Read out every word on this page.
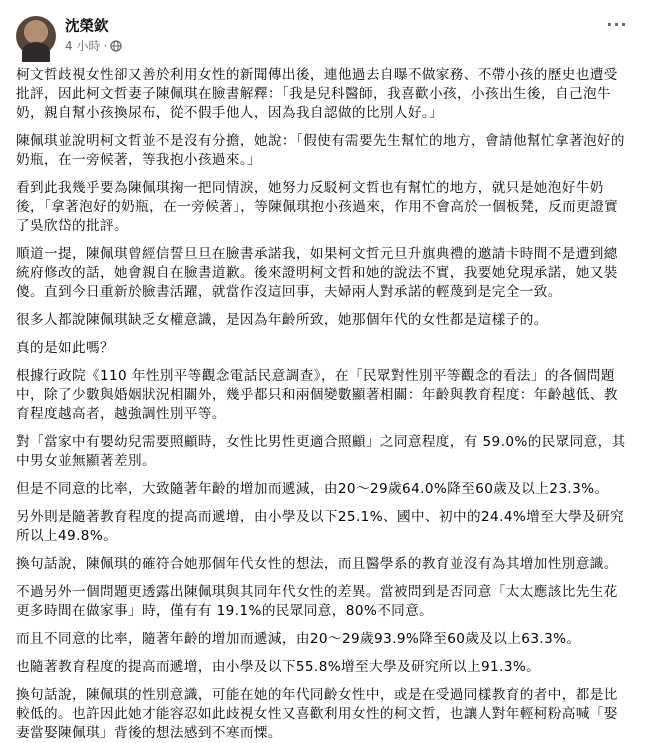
沈榮欽
4 小時 ·
···

柯文哲歧視女性卻又善於利用女性的新聞傳出後，連他過去自曝不做家務、不帶小孩的歷史也遭受批評，因此柯文哲妻子陳佩琪在臉書解釋：「我是兒科醫師，我喜歡小孩，小孩出生後，自己泡牛奶，親自幫小孩換尿布，從不假手他人，因為我自認做的比別人好。」

陳佩琪並說明柯文哲並不是沒有分擔，她說：「假使有需要先生幫忙的地方，會請他幫忙拿著泡好的奶瓶，在一旁候著，等我抱小孩過來。」

看到此我幾乎要為陳佩琪掬一把同情淚，她努力反駁柯文哲也有幫忙的地方，就只是她泡好牛奶後，「拿著泡好的奶瓶，在一旁候著」，等陳佩琪抱小孩過來，作用不會高於一個板凳，反而更證實了吳欣岱的批評。

順道一提，陳佩琪曾經信誓旦旦在臉書承諾我，如果柯文哲元旦升旗典禮的邀請卡時間不是遭到總統府修改的話，她會親自在臉書道歉。後來證明柯文哲和她的說法不實，我要她兌現承諾，她又裝傻。直到今日重新於臉書活躍，就當作沒這回事，夫婦兩人對承諾的輕蔑到是完全一致。

很多人都說陳佩琪缺乏女權意識，是因為年齡所致，她那個年代的女性都是這樣子的。

真的是如此嗎？

根據行政院《110 年性別平等觀念電話民意調查》，在「民眾對性別平等觀念的看法」的各個問題中，除了少數與婚姻狀況相關外，幾乎都只和兩個變數顯著相關：年齡與教育程度：年齡越低、教育程度越高者，越強調性別平等。

對「當家中有嬰幼兒需要照顧時，女性比男性更適合照顧」之同意程度，有 59.0%的民眾同意，其中男女並無顯著差別。

但是不同意的比率，大致隨著年齡的增加而遞減，由20～29歲64.0%降至60歲及以上23.3%。

另外則是隨著教育程度的提高而遞增，由小學及以下25.1%、國中、初中的24.4%增至大學及研究所以上49.8%。

換句話說，陳佩琪的確符合她那個年代女性的想法，而且醫學系的教育並沒有為其增加性別意識。

不過另外一個問題更透露出陳佩琪與其同年代女性的差異。當被問到是否同意「太太應該比先生花更多時間在做家事」時，僅有有 19.1%的民眾同意，80%不同意。

而且不同意的比率，隨著年齡的增加而遞減，由20～29歲93.9%降至60歲及以上63.3%。

也隨著教育程度的提高而遞增，由小學及以下55.8%增至大學及研究所以上91.3%。

換句話說，陳佩琪的性別意識，可能在她的年代同齡女性中，或是在受過同樣教育的者中，都是比較低的。也許因此她才能容忍如此歧視女性又喜歡利用女性的柯文哲，也讓人對年輕柯粉高喊「娶妻當娶陳佩琪」背後的想法感到不寒而慄。
